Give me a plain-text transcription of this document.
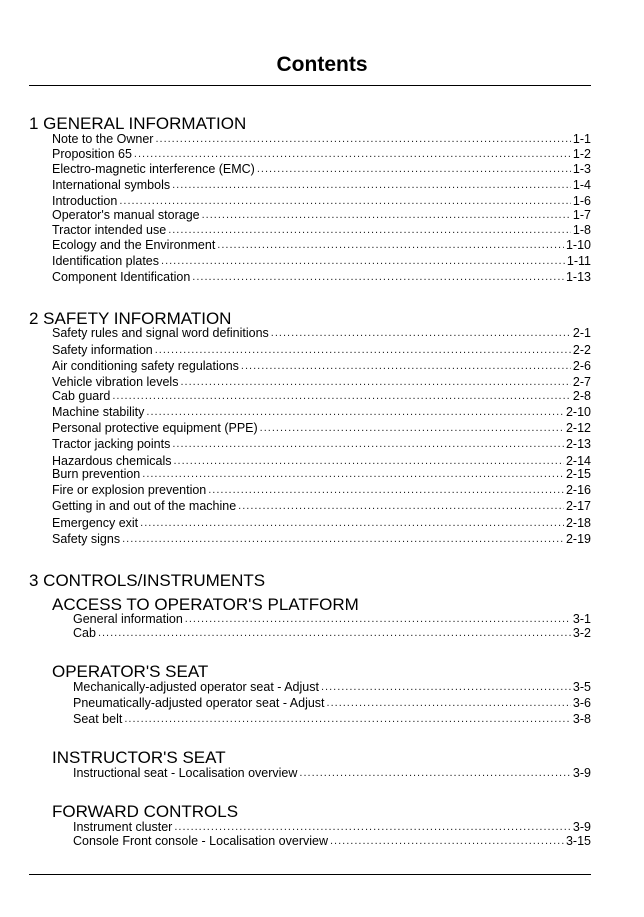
Contents
1 GENERAL INFORMATION
Note to the Owner .....	1-1
Proposition 65 .....	1-2
Electro-magnetic interference (EMC) .....	1-3
International symbols .....	1-4
Introduction .....	1-6
Operator's manual storage .....	1-7
Tractor intended use .....	1-8
Ecology and the Environment .....	1-10
Identification plates .....	1-11
Component Identification .....	1-13
2 SAFETY INFORMATION
Safety rules and signal word definitions .....	2-1
Safety information .....	2-2
Air conditioning safety regulations .....	2-6
Vehicle vibration levels .....	2-7
Cab guard .....	2-8
Machine stability .....	2-10
Personal protective equipment (PPE) .....	2-12
Tractor jacking points .....	2-13
Hazardous chemicals .....	2-14
Burn prevention .....	2-15
Fire or explosion prevention .....	2-16
Getting in and out of the machine .....	2-17
Emergency exit .....	2-18
Safety signs .....	2-19
3 CONTROLS/INSTRUMENTS
ACCESS TO OPERATOR'S PLATFORM
General information .....	3-1
Cab .....	3-2
OPERATOR'S SEAT
Mechanically-adjusted operator seat - Adjust .....	3-5
Pneumatically-adjusted operator seat - Adjust .....	3-6
Seat belt .....	3-8
INSTRUCTOR'S SEAT
Instructional seat - Localisation overview .....	3-9
FORWARD CONTROLS
Instrument cluster .....	3-9
Console Front console - Localisation overview .....	3-15
